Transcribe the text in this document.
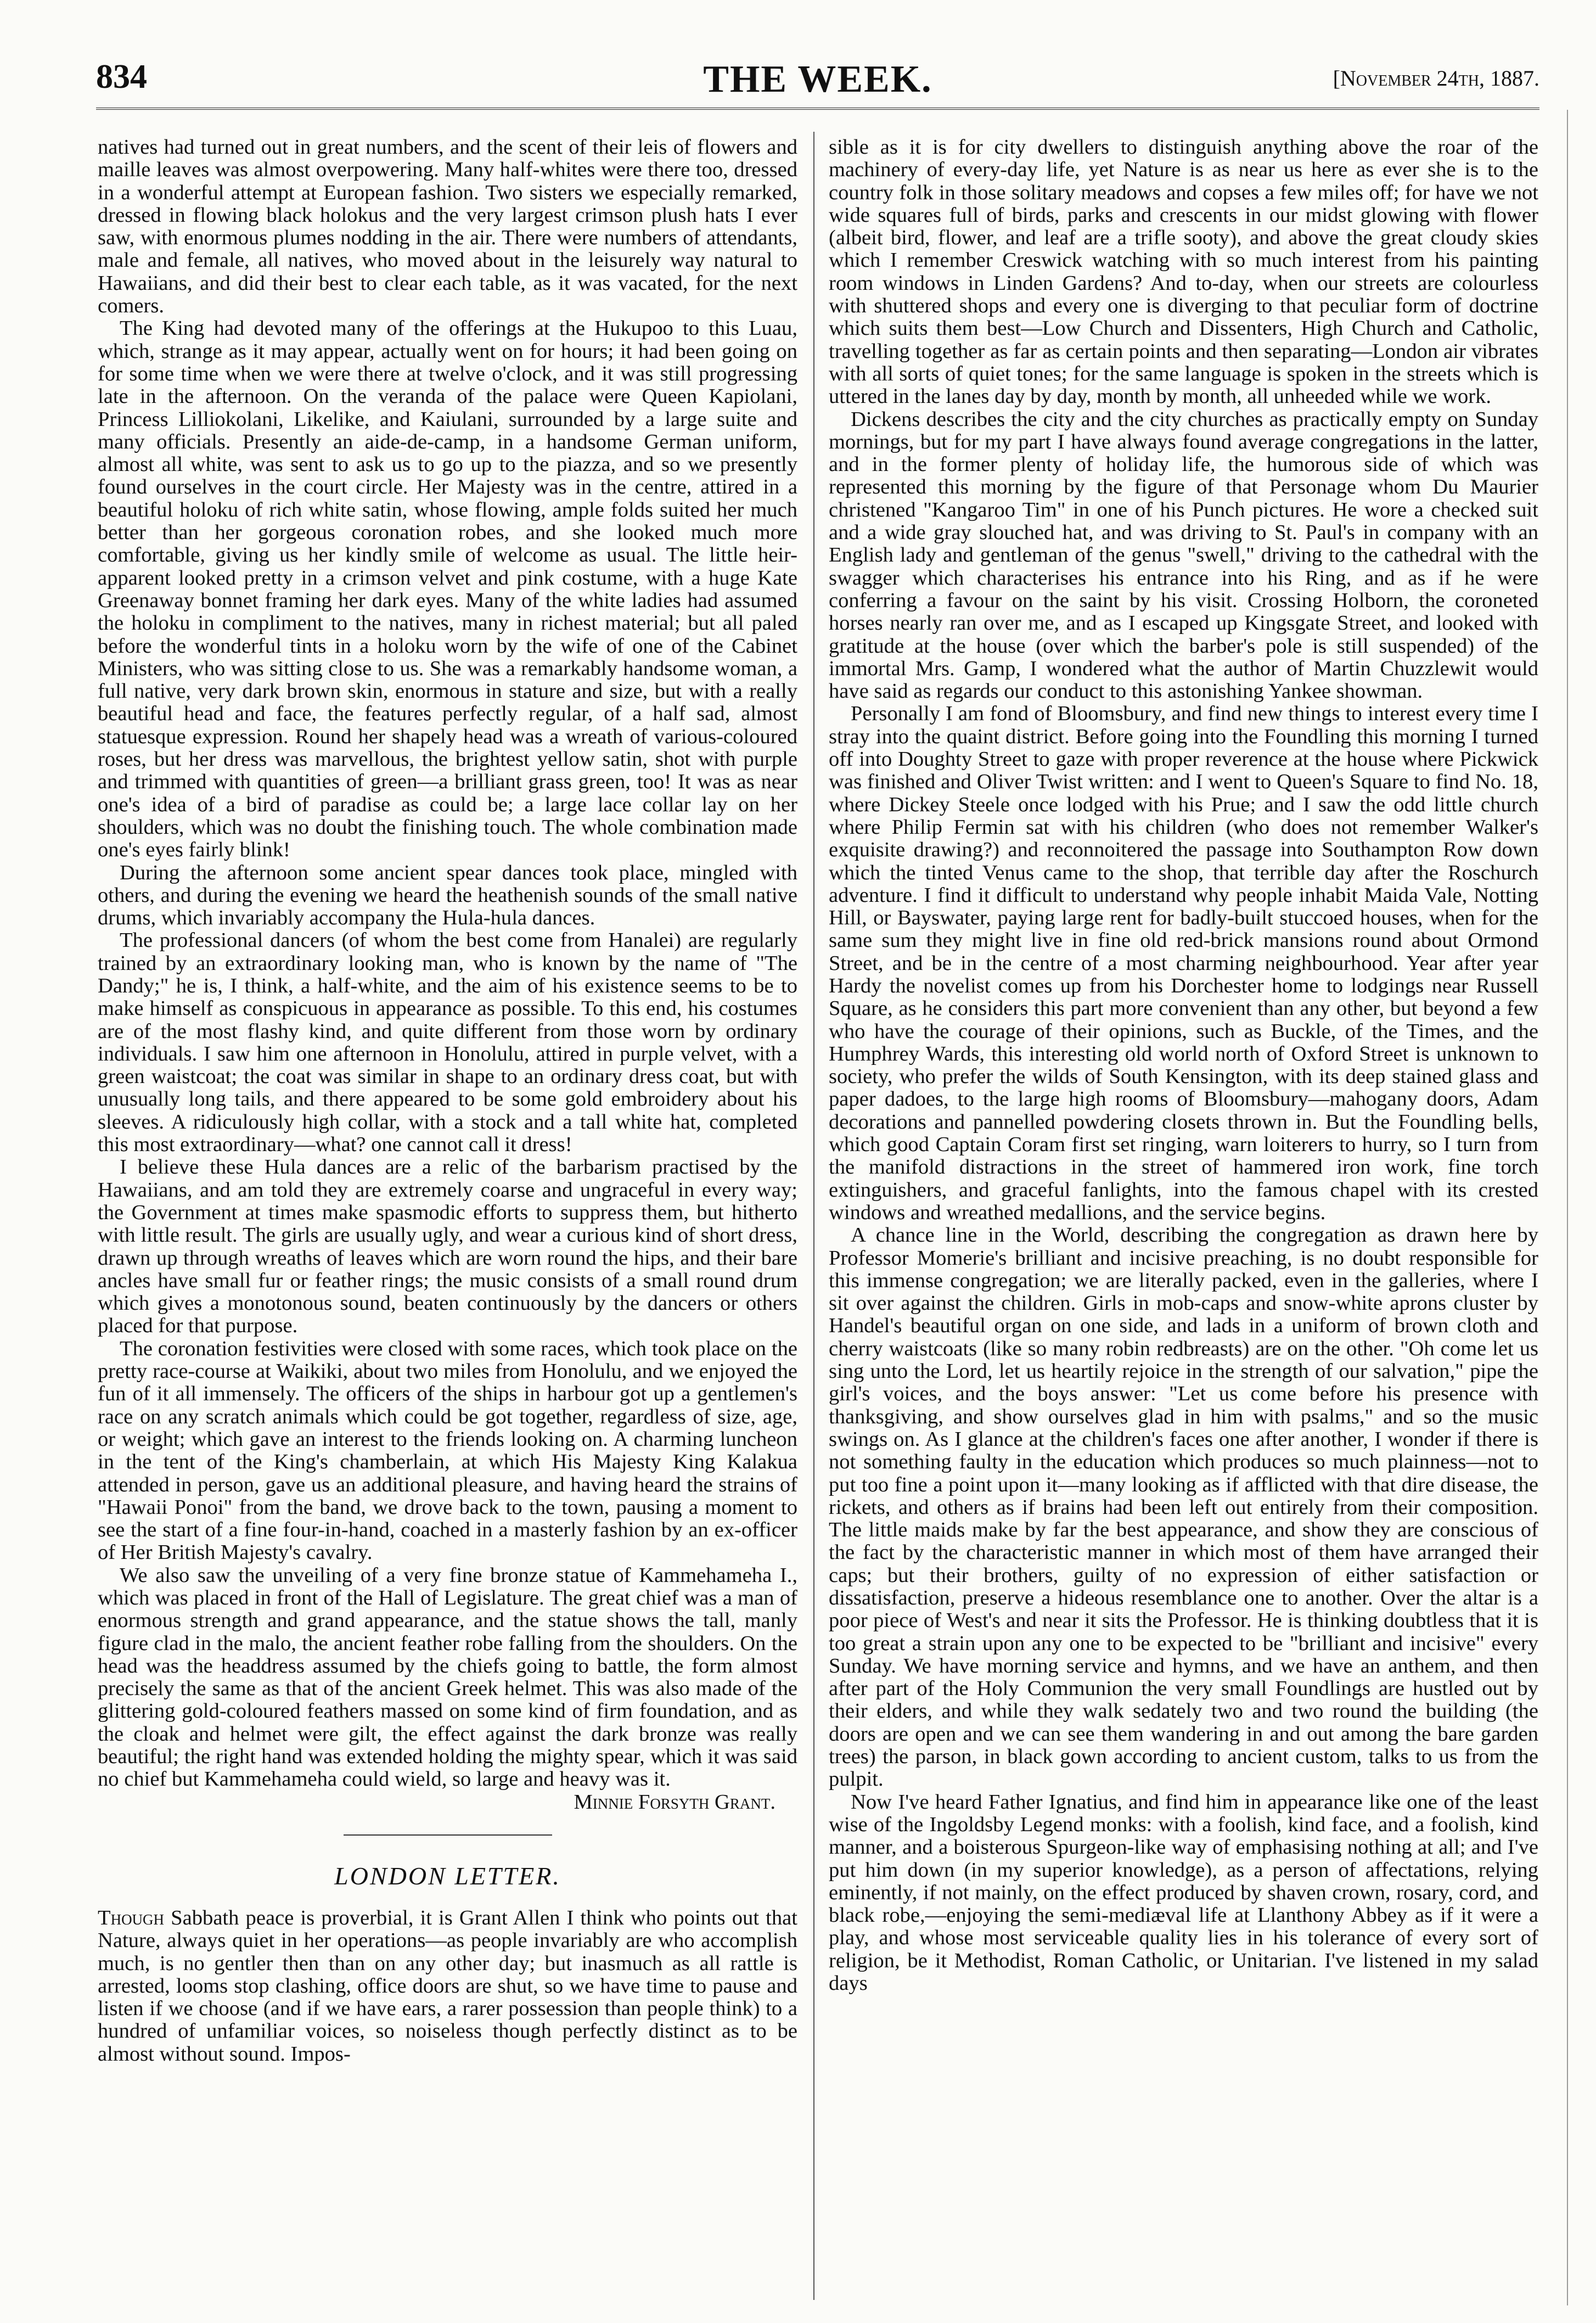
834	THE WEEK.	[November 24th, 1887.

natives had turned out in great numbers, and the scent of their leis of flowers and maille leaves was almost overpowering. Many half-whites were there too, dressed in a wonderful attempt at European fashion. Two sisters we especially remarked, dressed in flowing black holokus and the very largest crimson plush hats I ever saw, with enormous plumes nodding in the air. There were numbers of attendants, male and female, all natives, who moved about in the leisurely way natural to Hawaiians, and did their best to clear each table, as it was vacated, for the next comers.

The King had devoted many of the offerings at the Hukupoo to this Luau, which, strange as it may appear, actually went on for hours; it had been going on for some time when we were there at twelve o'clock, and it was still progressing late in the afternoon. On the veranda of the palace were Queen Kapiolani, Princess Lilliokolani, Likelike, and Kaiulani, surrounded by a large suite and many officials. Presently an aide-de-camp, in a handsome German uniform, almost all white, was sent to ask us to go up to the piazza, and so we presently found ourselves in the court circle. Her Majesty was in the centre, attired in a beautiful holoku of rich white satin, whose flowing, ample folds suited her much better than her gorgeous coronation robes, and she looked much more comfortable, giving us her kindly smile of welcome as usual. The little heir-apparent looked pretty in a crimson velvet and pink costume, with a huge Kate Greenaway bonnet framing her dark eyes. Many of the white ladies had assumed the holoku in compliment to the natives, many in richest material; but all paled before the wonderful tints in a holoku worn by the wife of one of the Cabinet Ministers, who was sitting close to us. She was a remarkably handsome woman, a full native, very dark brown skin, enormous in stature and size, but with a really beautiful head and face, the features perfectly regular, of a half sad, almost statuesque expression. Round her shapely head was a wreath of various-coloured roses, but her dress was marvellous, the brightest yellow satin, shot with purple and trimmed with quantities of green—a brilliant grass green, too! It was as near one's idea of a bird of paradise as could be; a large lace collar lay on her shoulders, which was no doubt the finishing touch. The whole combination made one's eyes fairly blink!

During the afternoon some ancient spear dances took place, mingled with others, and during the evening we heard the heathenish sounds of the small native drums, which invariably accompany the Hula-hula dances.

The professional dancers (of whom the best come from Hanalei) are regularly trained by an extraordinary looking man, who is known by the name of "The Dandy;" he is, I think, a half-white, and the aim of his existence seems to be to make himself as conspicuous in appearance as possible. To this end, his costumes are of the most flashy kind, and quite different from those worn by ordinary individuals. I saw him one afternoon in Honolulu, attired in purple velvet, with a green waistcoat; the coat was similar in shape to an ordinary dress coat, but with unusually long tails, and there appeared to be some gold embroidery about his sleeves. A ridiculously high collar, with a stock and a tall white hat, completed this most extraordinary—what? one cannot call it dress!

I believe these Hula dances are a relic of the barbarism practised by the Hawaiians, and am told they are extremely coarse and ungraceful in every way; the Government at times make spasmodic efforts to suppress them, but hitherto with little result. The girls are usually ugly, and wear a curious kind of short dress, drawn up through wreaths of leaves which are worn round the hips, and their bare ancles have small fur or feather rings; the music consists of a small round drum which gives a monotonous sound, beaten continuously by the dancers or others placed for that purpose.

The coronation festivities were closed with some races, which took place on the pretty race-course at Waikiki, about two miles from Honolulu, and we enjoyed the fun of it all immensely. The officers of the ships in harbour got up a gentlemen's race on any scratch animals which could be got together, regardless of size, age, or weight; which gave an interest to the friends looking on. A charming luncheon in the tent of the King's chamberlain, at which His Majesty King Kalakua attended in person, gave us an additional pleasure, and having heard the strains of "Hawaii Ponoi" from the band, we drove back to the town, pausing a moment to see the start of a fine four-in-hand, coached in a masterly fashion by an ex-officer of Her British Majesty's cavalry.

We also saw the unveiling of a very fine bronze statue of Kammehameha I., which was placed in front of the Hall of Legislature. The great chief was a man of enormous strength and grand appearance, and the statue shows the tall, manly figure clad in the malo, the ancient feather robe falling from the shoulders. On the head was the headdress assumed by the chiefs going to battle, the form almost precisely the same as that of the ancient Greek helmet. This was also made of the glittering gold-coloured feathers massed on some kind of firm foundation, and as the cloak and helmet were gilt, the effect against the dark bronze was really beautiful; the right hand was extended holding the mighty spear, which it was said no chief but Kammehameha could wield, so large and heavy was it.

Minnie Forsyth Grant.

LONDON LETTER.

Though Sabbath peace is proverbial, it is Grant Allen I think who points out that Nature, always quiet in her operations—as people invariably are who accomplish much, is no gentler then than on any other day; but inasmuch as all rattle is arrested, looms stop clashing, office doors are shut, so we have time to pause and listen if we choose (and if we have ears, a rarer possession than people think) to a hundred of unfamiliar voices, so noiseless though perfectly distinct as to be almost without sound. Impos-

sible as it is for city dwellers to distinguish anything above the roar of the machinery of every-day life, yet Nature is as near us here as ever she is to the country folk in those solitary meadows and copses a few miles off; for have we not wide squares full of birds, parks and crescents in our midst glowing with flower (albeit bird, flower, and leaf are a trifle sooty), and above the great cloudy skies which I remember Creswick watching with so much interest from his painting room windows in Linden Gardens? And to-day, when our streets are colourless with shuttered shops and every one is diverging to that peculiar form of doctrine which suits them best—Low Church and Dissenters, High Church and Catholic, travelling together as far as certain points and then separating—London air vibrates with all sorts of quiet tones; for the same language is spoken in the streets which is uttered in the lanes day by day, month by month, all unheeded while we work.

Dickens describes the city and the city churches as practically empty on Sunday mornings, but for my part I have always found average congregations in the latter, and in the former plenty of holiday life, the humorous side of which was represented this morning by the figure of that Personage whom Du Maurier christened "Kangaroo Tim" in one of his Punch pictures. He wore a checked suit and a wide gray slouched hat, and was driving to St. Paul's in company with an English lady and gentleman of the genus "swell," driving to the cathedral with the swagger which characterises his entrance into his Ring, and as if he were conferring a favour on the saint by his visit. Crossing Holborn, the coroneted horses nearly ran over me, and as I escaped up Kingsgate Street, and looked with gratitude at the house (over which the barber's pole is still suspended) of the immortal Mrs. Gamp, I wondered what the author of Martin Chuzzlewit would have said as regards our conduct to this astonishing Yankee showman.

Personally I am fond of Bloomsbury, and find new things to interest every time I stray into the quaint district. Before going into the Foundling this morning I turned off into Doughty Street to gaze with proper reverence at the house where Pickwick was finished and Oliver Twist written: and I went to Queen's Square to find No. 18, where Dickey Steele once lodged with his Prue; and I saw the odd little church where Philip Fermin sat with his children (who does not remember Walker's exquisite drawing?) and reconnoitered the passage into Southampton Row down which the tinted Venus came to the shop, that terrible day after the Roschurch adventure. I find it difficult to understand why people inhabit Maida Vale, Notting Hill, or Bayswater, paying large rent for badly-built stuccoed houses, when for the same sum they might live in fine old red-brick mansions round about Ormond Street, and be in the centre of a most charming neighbourhood. Year after year Hardy the novelist comes up from his Dorchester home to lodgings near Russell Square, as he considers this part more convenient than any other, but beyond a few who have the courage of their opinions, such as Buckle, of the Times, and the Humphrey Wards, this interesting old world north of Oxford Street is unknown to society, who prefer the wilds of South Kensington, with its deep stained glass and paper dadoes, to the large high rooms of Bloomsbury—mahogany doors, Adam decorations and pannelled powdering closets thrown in. But the Foundling bells, which good Captain Coram first set ringing, warn loiterers to hurry, so I turn from the manifold distractions in the street of hammered iron work, fine torch extinguishers, and graceful fanlights, into the famous chapel with its crested windows and wreathed medallions, and the service begins.

A chance line in the World, describing the congregation as drawn here by Professor Momerie's brilliant and incisive preaching, is no doubt responsible for this immense congregation; we are literally packed, even in the galleries, where I sit over against the children. Girls in mob-caps and snow-white aprons cluster by Handel's beautiful organ on one side, and lads in a uniform of brown cloth and cherry waistcoats (like so many robin redbreasts) are on the other. "Oh come let us sing unto the Lord, let us heartily rejoice in the strength of our salvation," pipe the girl's voices, and the boys answer: "Let us come before his presence with thanksgiving, and show ourselves glad in him with psalms," and so the music swings on. As I glance at the children's faces one after another, I wonder if there is not something faulty in the education which produces so much plainness—not to put too fine a point upon it—many looking as if afflicted with that dire disease, the rickets, and others as if brains had been left out entirely from their composition. The little maids make by far the best appearance, and show they are conscious of the fact by the characteristic manner in which most of them have arranged their caps; but their brothers, guilty of no expression of either satisfaction or dissatisfaction, preserve a hideous resemblance one to another. Over the altar is a poor piece of West's and near it sits the Professor. He is thinking doubtless that it is too great a strain upon any one to be expected to be "brilliant and incisive" every Sunday. We have morning service and hymns, and we have an anthem, and then after part of the Holy Communion the very small Foundlings are hustled out by their elders, and while they walk sedately two and two round the building (the doors are open and we can see them wandering in and out among the bare garden trees) the parson, in black gown according to ancient custom, talks to us from the pulpit.

Now I've heard Father Ignatius, and find him in appearance like one of the least wise of the Ingoldsby Legend monks: with a foolish, kind face, and a foolish, kind manner, and a boisterous Spurgeon-like way of emphasising nothing at all; and I've put him down (in my superior knowledge), as a person of affectations, relying eminently, if not mainly, on the effect produced by shaven crown, rosary, cord, and black robe,—enjoying the semi-mediæval life at Llanthony Abbey as if it were a play, and whose most serviceable quality lies in his tolerance of every sort of religion, be it Methodist, Roman Catholic, or Unitarian. I've listened in my salad days
